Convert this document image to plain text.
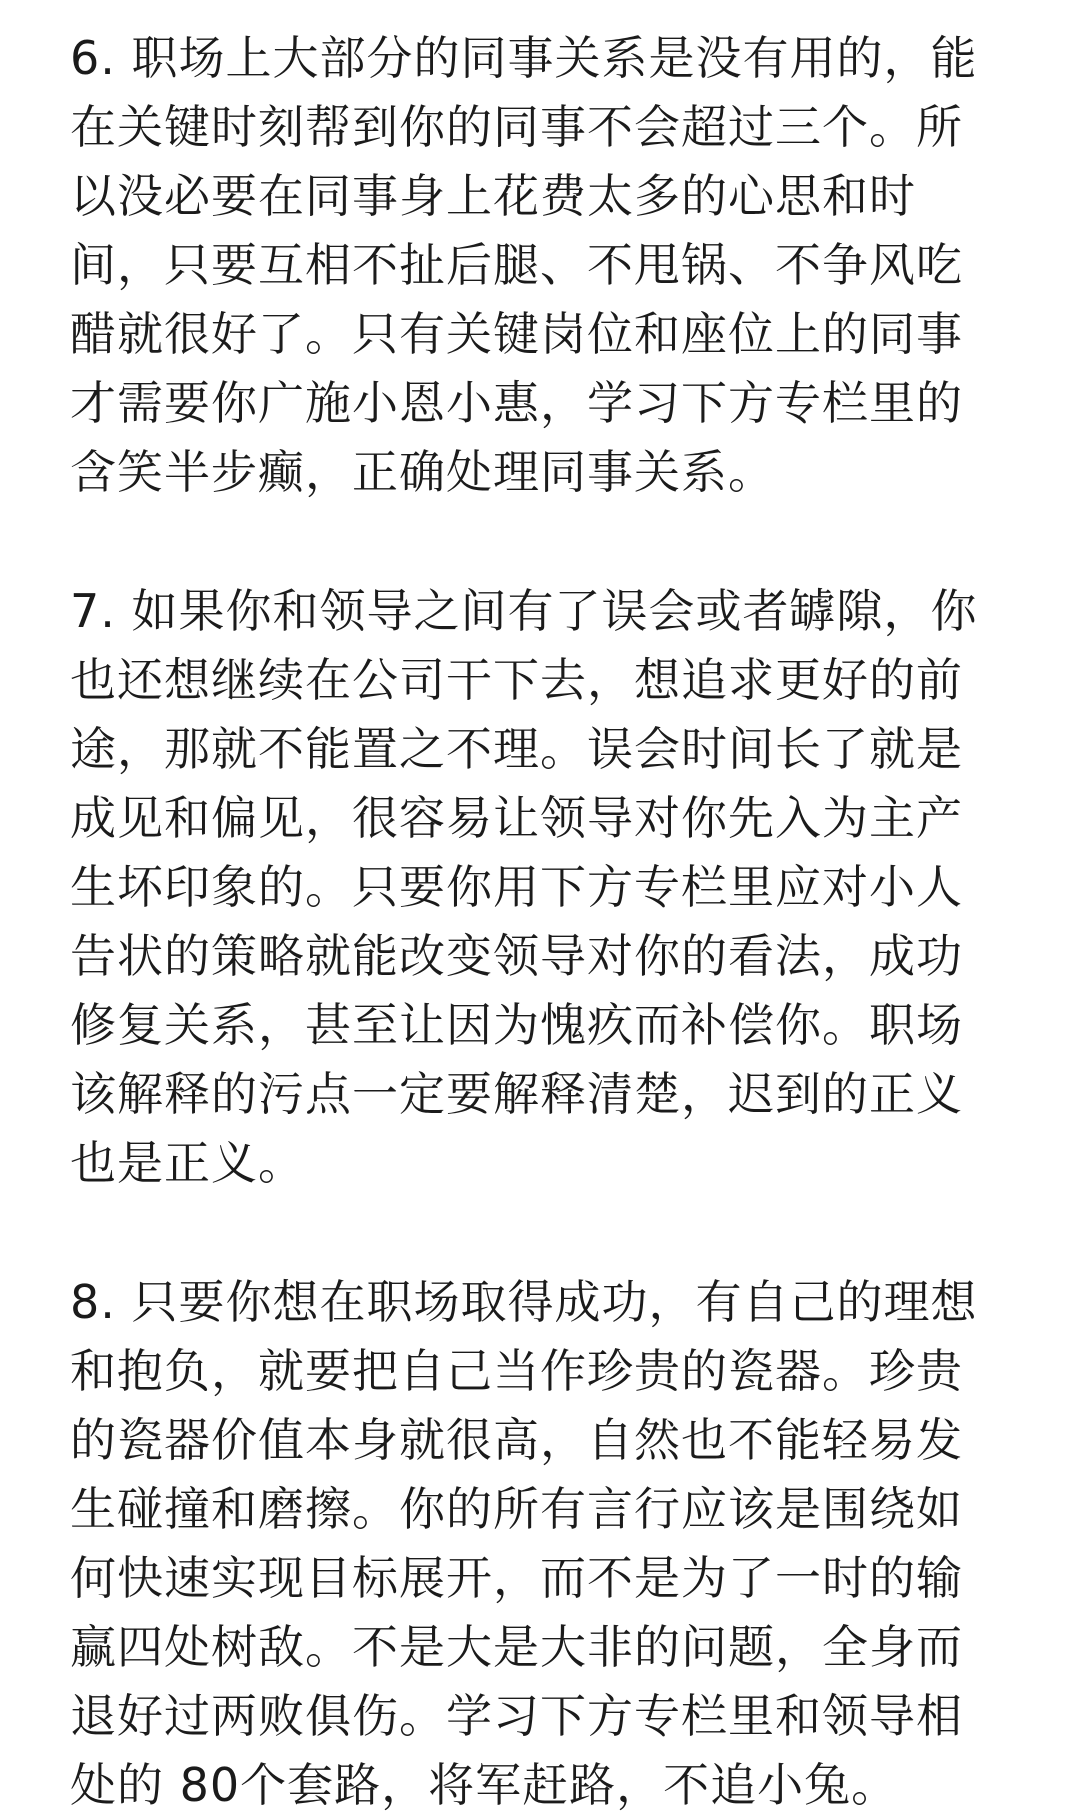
6. 职场上大部分的同事关系是没有用的，能
在关键时刻帮到你的同事不会超过三个。所
以没必要在同事身上花费太多的心思和时
间，只要互相不扯后腿、不甩锅、不争风吃
醋就很好了。只有关键岗位和座位上的同事
才需要你广施小恩小惠，学习下方专栏里的
含笑半步癫，正确处理同事关系。
7. 如果你和领导之间有了误会或者罅隙，你
也还想继续在公司干下去，想追求更好的前
途，那就不能置之不理。误会时间长了就是
成见和偏见，很容易让领导对你先入为主产
生坏印象的。只要你用下方专栏里应对小人
告状的策略就能改变领导对你的看法，成功
修复关系，甚至让因为愧疚而补偿你。职场
该解释的污点一定要解释清楚，迟到的正义
也是正义。
8. 只要你想在职场取得成功，有自己的理想
和抱负，就要把自己当作珍贵的瓷器。珍贵
的瓷器价值本身就很高，自然也不能轻易发
生碰撞和磨擦。你的所有言行应该是围绕如
何快速实现目标展开，而不是为了一时的输
赢四处树敌。不是大是大非的问题，全身而
退好过两败俱伤。学习下方专栏里和领导相
处的 80个套路，将军赶路，不追小兔。
